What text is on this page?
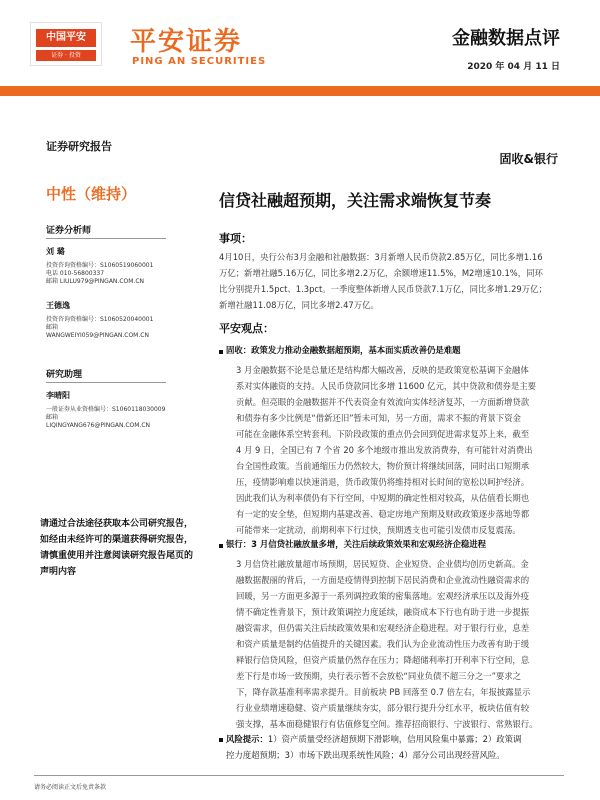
中国平安
证券 · 投资	平安证券
PING AN SECURITIES
金融数据点评
2020 年 04 月 11 日
证券研究报告
固收&银行
中性（维持）
证券分析师
刘 璐
投资咨询资格编号：S1060519060001
电话 010-56800337
邮箱 LIULU979@PINGAN.COM.CN
王德逸
投资咨询资格编号：S1060520040001
邮箱
WANGWEIYI059@PINGAN.COM.CN
研究助理
李晴阳
一般证券从业资格编号：S1060118030009
邮箱
LIQINGYANG676@PINGAN.COM.CN
请通过合法途径获取本公司研究报告，如经由未经许可的渠道获得研究报告，请慎重使用并注意阅读研究报告尾页的声明内容
信贷社融超预期，关注需求端恢复节奏
事项：
4月10日，央行公布3月金融和社融数据：3月新增人民币贷款2.85万亿，同比多增1.16
万亿；新增社融5.16万亿，同比多增2.2万亿，余额增速11.5%，M2增速10.1%，同环
比分别提升1.5pct、1.3pct。一季度整体新增人民币贷款7.1万亿，同比多增1.29万亿；
新增社融11.08万亿，同比多增2.47万亿。
平安观点：
固收：政策发力推动金融数据超预期，基本面实质改善仍是难题
3 月金融数据不论是总量还是结构都大幅改善，反映的是政策宽松基调下金融体
系对实体融资的支持。人民币贷款同比多增 11600 亿元，其中贷款和债券是主要
贡献。但亮眼的金融数据并不代表资金有效流向实体经济复苏，一方面新增贷款
和债券有多少比例是“借新还旧”暂未可知，另一方面，需求不振的背景下资金
可能在金融体系空转套利。下阶段政策的重点仍会回到促进需求复苏上来，截至
4 月 9 日，全国已有 7 个省 20 多个地级市推出发放消费券，有可能针对消费出
台全国性政策。当前通缩压力仍然较大，物价预计将继续回落，同时出口短期承
压，疫情影响难以快速消退，货币政策仍将维持相对长时间的宽松以呵护经济。
因此我们认为利率债仍有下行空间，中短期的确定性相对较高，从估值看长期也
有一定的安全垫，但短期内基建改善、稳定房地产预期及财政政策逐步落地等都
可能带来一定扰动，前期利率下行过快，预期透支也可能引发债市反复震荡。
银行：3 月信贷社融放量多增，关注后续政策效果和宏观经济企稳进程
3 月信贷社融放量超市场预期，居民短贷、企业短贷、企业债均创历史新高。金
融数据靓丽的背后，一方面是疫情得到控制下居民消费和企业流动性融资需求的
回暖，另一方面更多源于一系列调控政策的密集落地。宏观经济承压以及海外疫
情不确定性背景下，预计政策调控力度延续，融资成本下行也有助于进一步提振
融资需求，但仍需关注后续政策效果和宏观经济企稳进程。对于银行行业，息差
和资产质量是制约估值提升的关键因素。我们认为企业流动性压力改善有助于缓
释银行信贷风险，但资产质量仍然存在压力；降超储利率打开利率下行空间，息
差下行是市场一致预期，央行表示暂不会放松“同业负债不超三分之一”要求之
下，降存款基准利率需求提升。目前板块 PB 回落至 0.7 倍左右，年报披露显示
行业业绩增速稳健、资产质量继续夯实，部分银行提升分红水平，板块估值有较
强支撑，基本面稳健银行有估值修复空间。推荐招商银行、宁波银行、常熟银行。
风险提示：1）资产质量受经济超预期下滑影响，信用风险集中暴露；2）政策调
控力度超预期；3）市场下跌出现系统性风险；4）部分公司出现经营风险。
请务必阅读正文后免责条款
